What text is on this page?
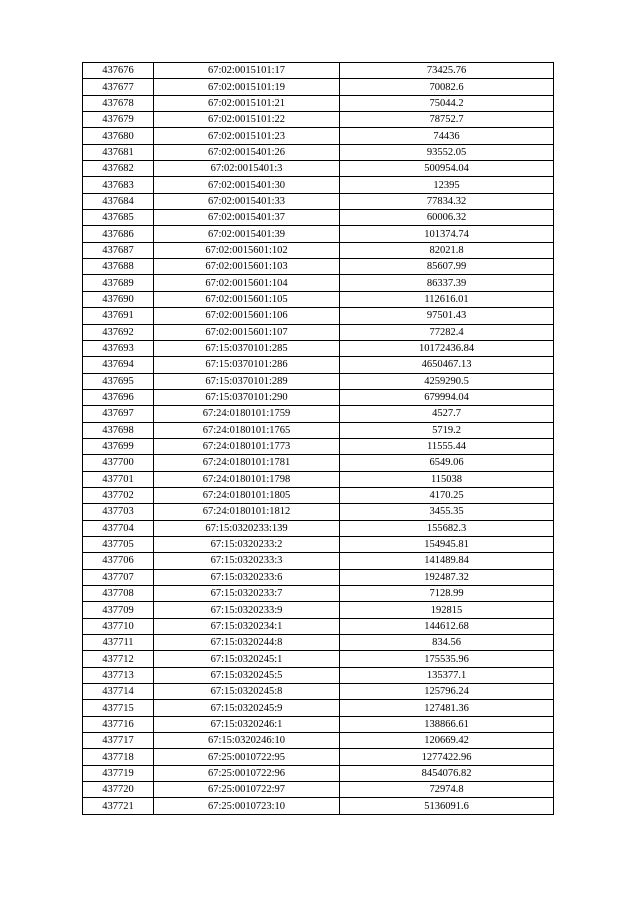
437676	67:02:0015101:17	73425.76
437677	67:02:0015101:19	70082.6
437678	67:02:0015101:21	75044.2
437679	67:02:0015101:22	78752.7
437680	67:02:0015101:23	74436
437681	67:02:0015401:26	93552.05
437682	67:02:0015401:3	500954.04
437683	67:02:0015401:30	12395
437684	67:02:0015401:33	77834.32
437685	67:02:0015401:37	60006.32
437686	67:02:0015401:39	101374.74
437687	67:02:0015601:102	82021.8
437688	67:02:0015601:103	85607.99
437689	67:02:0015601:104	86337.39
437690	67:02:0015601:105	112616.01
437691	67:02:0015601:106	97501.43
437692	67:02:0015601:107	77282.4
437693	67:15:0370101:285	10172436.84
437694	67:15:0370101:286	4650467.13
437695	67:15:0370101:289	4259290.5
437696	67:15:0370101:290	679994.04
437697	67:24:0180101:1759	4527.7
437698	67:24:0180101:1765	5719.2
437699	67:24:0180101:1773	11555.44
437700	67:24:0180101:1781	6549.06
437701	67:24:0180101:1798	115038
437702	67:24:0180101:1805	4170.25
437703	67:24:0180101:1812	3455.35
437704	67:15:0320233:139	155682.3
437705	67:15:0320233:2	154945.81
437706	67:15:0320233:3	141489.84
437707	67:15:0320233:6	192487.32
437708	67:15:0320233:7	7128.99
437709	67:15:0320233:9	192815
437710	67:15:0320234:1	144612.68
437711	67:15:0320244:8	834.56
437712	67:15:0320245:1	175535.96
437713	67:15:0320245:5	135377.1
437714	67:15:0320245:8	125796.24
437715	67:15:0320245:9	127481.36
437716	67:15:0320246:1	138866.61
437717	67:15:0320246:10	120669.42
437718	67:25:0010722:95	1277422.96
437719	67:25:0010722:96	8454076.82
437720	67:25:0010722:97	72974.8
437721	67:25:0010723:10	5136091.6
